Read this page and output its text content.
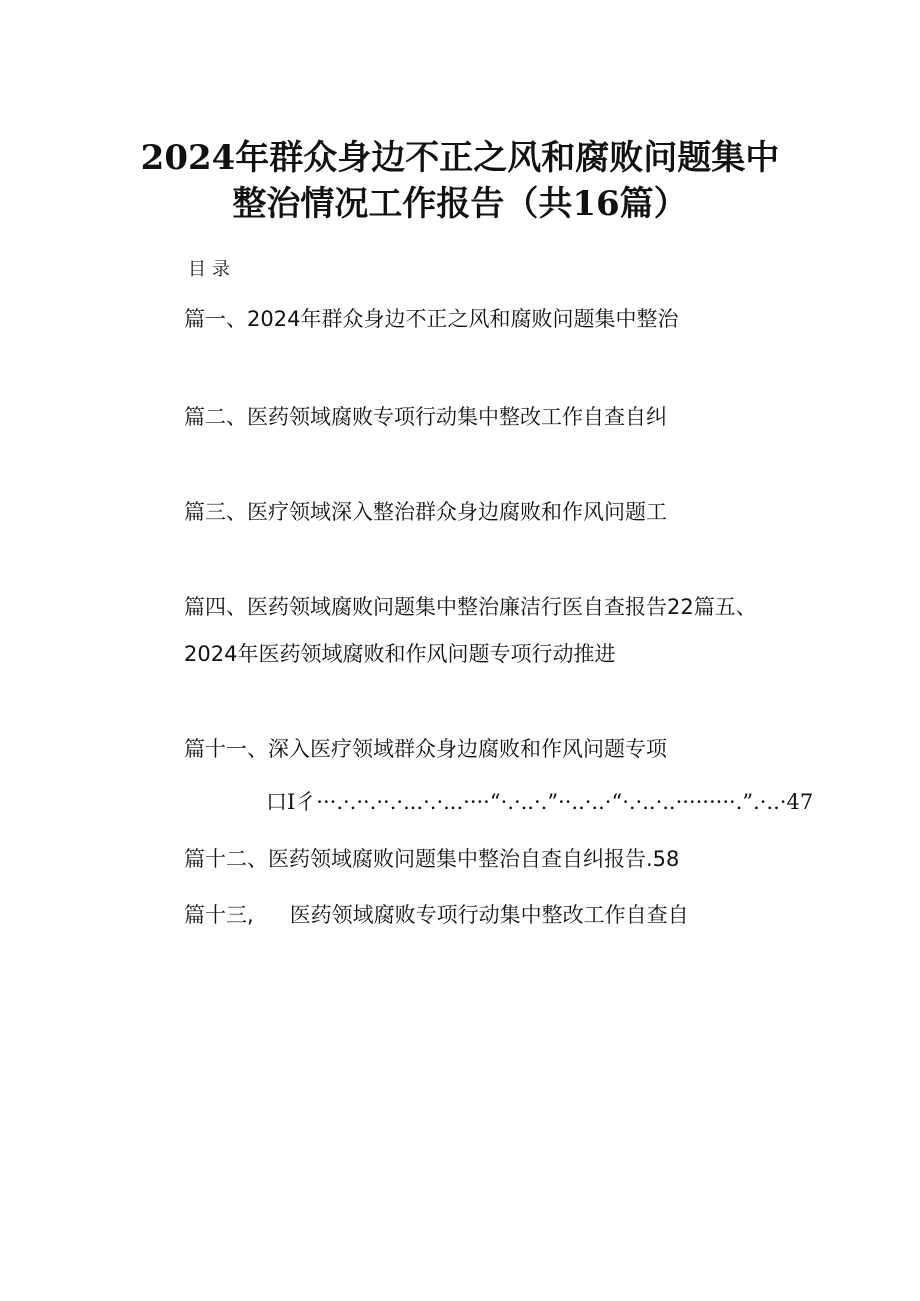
2024年群众身边不正之风和腐败问题集中
整治情况工作报告（共16篇）
目录
篇一、2024年群众身边不正之风和腐败问题集中整治
篇二、医药领域腐败专项行动集中整改工作自查自纠
篇三、医疗领域深入整治群众身边腐败和作风问题工
篇四、医药领域腐败问题集中整治廉洁行医自查报告22篇五、
2024年医药领域腐败和作风问题专项行动推进
篇十一、深入医疗领域群众身边腐败和作风问题专项
口I彳···.·.··.··.·...·.·...····“·.·..·.”··..·..·“·.·..·..·········.”.·..·47
篇十二、医药领域腐败问题集中整治自查自纠报告.58
篇十三, 医药领域腐败专项行动集中整改工作自查自
